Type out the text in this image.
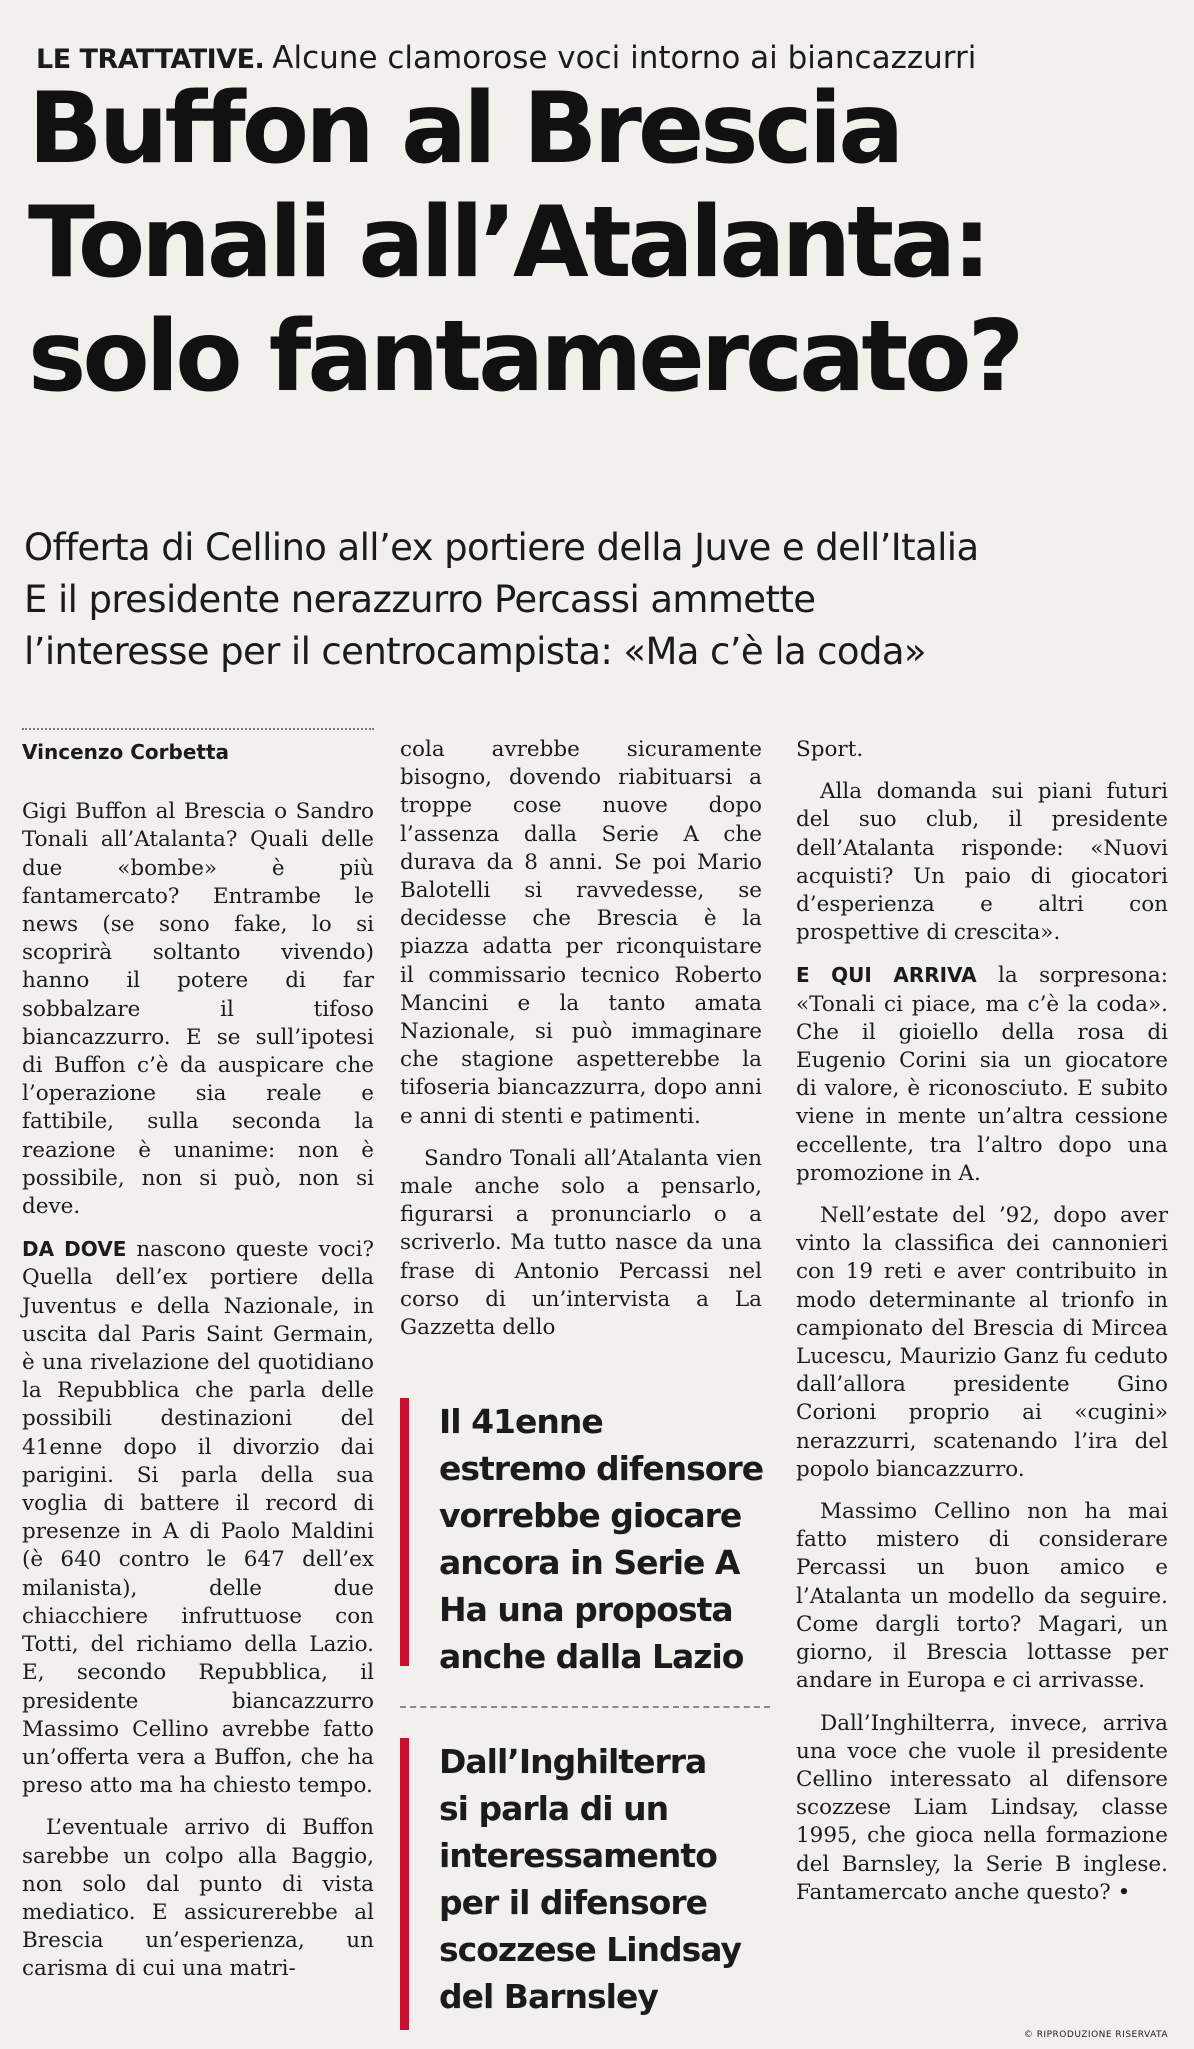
LE TRATTATIVE. Alcune clamorose voci intorno ai biancazzurri
Buffon al Brescia
Tonali all’Atalanta:
solo fantamercato?
Offerta di Cellino all’ex portiere della Juve e dell’Italia
E il presidente nerazzurro Percassi ammette
l’interesse per il centrocampista: «Ma c’è la coda»
Vincenzo Corbetta

Gigi Buffon al Brescia o Sandro Tonali all’Atalanta? Quali delle due «bombe» è più fantamercato? Entrambe le news (se sono fake, lo si scoprirà soltanto vivendo) hanno il potere di far sobbalzare il tifoso biancazzurro. E se sull’ipotesi di Buffon c’è da auspicare che l’operazione sia reale e fattibile, sulla seconda la reazione è unanime: non è possibile, non si può, non si deve.

DA DOVE nascono queste voci? Quella dell’ex portiere della Juventus e della Nazionale, in uscita dal Paris Saint Germain, è una rivelazione del quotidiano la Repubblica che parla delle possibili destinazioni del 41enne dopo il divorzio dai parigini. Si parla della sua voglia di battere il record di presenze in A di Paolo Maldini (è 640 contro le 647 dell’ex milanista), delle due chiacchiere infruttuose con Totti, del richiamo della Lazio. E, secondo Repubblica, il presidente biancazzurro Massimo Cellino avrebbe fatto un’offerta vera a Buffon, che ha preso atto ma ha chiesto tempo.

L’eventuale arrivo di Buffon sarebbe un colpo alla Baggio, non solo dal punto di vista mediatico. E assicurerebbe al Brescia un’esperienza, un carisma di cui una matri-

cola avrebbe sicuramente bisogno, dovendo riabituarsi a troppe cose nuove dopo l’assenza dalla Serie A che durava da 8 anni. Se poi Mario Balotelli si ravvedesse, se decidesse che Brescia è la piazza adatta per riconquistare il commissario tecnico Roberto Mancini e la tanto amata Nazionale, si può immaginare che stagione aspetterebbe la tifoseria biancazzurra, dopo anni e anni di stenti e patimenti.

Sandro Tonali all’Atalanta vien male anche solo a pensarlo, figurarsi a pronunciarlo o a scriverlo. Ma tutto nasce da una frase di Antonio Percassi nel corso di un’intervista a La Gazzetta dello

Il 41enne
estremo difensore
vorrebbe giocare
ancora in Serie A
Ha una proposta
anche dalla Lazio
Dall’Inghilterra
si parla di un
interessamento
per il difensore
scozzese Lindsay
del Barnsley

Sport.

Alla domanda sui piani futuri del suo club, il presidente dell’Atalanta risponde: «Nuovi acquisti? Un paio di giocatori d’esperienza e altri con prospettive di crescita».

E QUI ARRIVA la sorpresona: «Tonali ci piace, ma c’è la coda». Che il gioiello della rosa di Eugenio Corini sia un giocatore di valore, è riconosciuto. E subito viene in mente un’altra cessione eccellente, tra l’altro dopo una promozione in A.

Nell’estate del ’92, dopo aver vinto la classifica dei cannonieri con 19 reti e aver contribuito in modo determinante al trionfo in campionato del Brescia di Mircea Lucescu, Maurizio Ganz fu ceduto dall’allora presidente Gino Corioni proprio ai «cugini» nerazzurri, scatenando l’ira del popolo biancazzurro.

Massimo Cellino non ha mai fatto mistero di considerare Percassi un buon amico e l’Atalanta un modello da seguire. Come dargli torto? Magari, un giorno, il Brescia lottasse per andare in Europa e ci arrivasse.

Dall’Inghilterra, invece, arriva una voce che vuole il presidente Cellino interessato al difensore scozzese Liam Lindsay, classe 1995, che gioca nella formazione del Barnsley, la Serie B inglese. Fantamercato anche questo? •

© RIPRODUZIONE RISERVATA
